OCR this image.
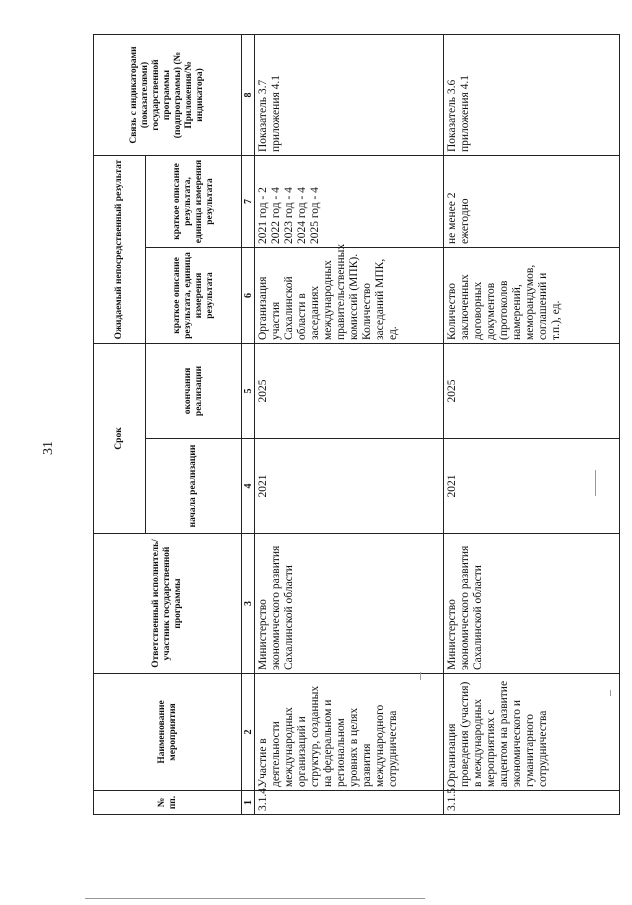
31
№ пп.	Наименование мероприятия	Ответственный исполнитель/участник государственной программы	Срок		Ожидаемый непосредственный результат		Связь с индикаторами (показателями) государственной программы (подпрограммы) (№ Приложения/№ индикатора)
			начала реализации	окончания реализации	краткое описание результата, единица измерения результата	краткое описание результата, единица измерения результата	
1	2	3	4	5	6	7	8
3.1.4.	Участие в деятельности международных организаций и структур, созданных на федеральном и региональном уровнях в целях развития международного сотрудничества	Министерство экономического развития Сахалинской области	2021	2025	Организация участия Сахалинской области в заседаниях международных правительственных комиссий (МПК). Количество заседаний МПК, ед.	2021 год - 2 2022 год - 4 2023 год - 4 2024 год - 4 2025 год - 4	Показатель 3.7 приложения 4.1
3.1.5.	Организация проведения (участия) в международных мероприятиях с акцентом на развитие экономического и гуманитарного сотрудничества	Министерство экономического развития Сахалинской области	2021	2025	Количество заключенных договорных документов (протоколов намерений, меморандумов, соглашений и т.п.), ед.	не менее 2 ежегодно	Показатель 3.6 приложения 4.1
